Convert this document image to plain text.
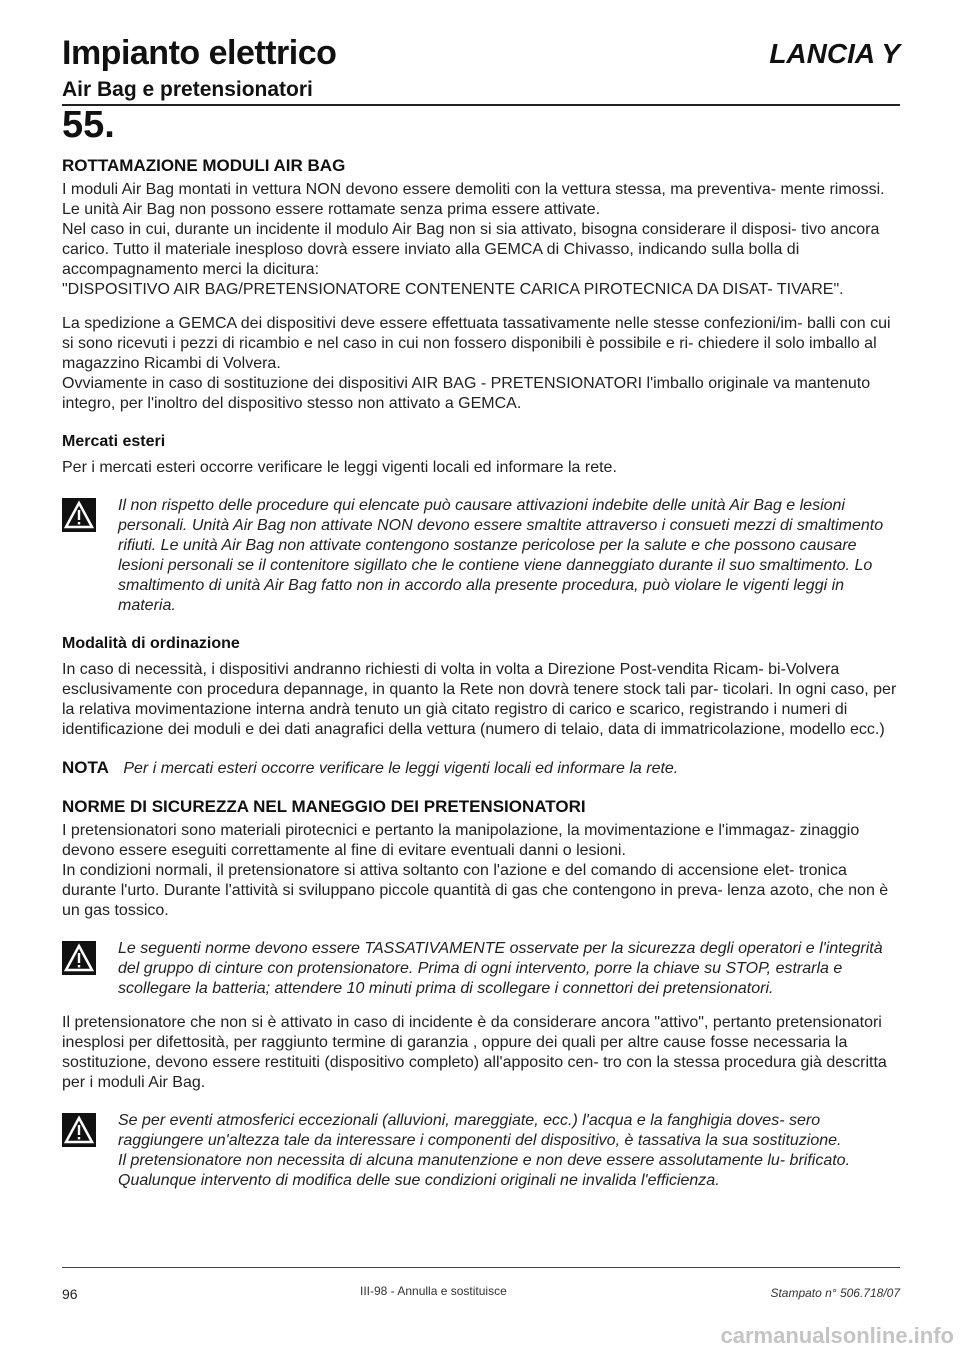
Impianto elettrico	LANCIA Y
Air Bag e pretensionatori
55.
ROTTAMAZIONE MODULI AIR BAG

I moduli Air Bag montati in vettura NON devono essere demoliti con la vettura stessa, ma preventiva- mente rimossi.

Le unità Air Bag non possono essere rottamate senza prima essere attivate.

Nel caso in cui, durante un incidente il modulo Air Bag non si sia attivato, bisogna considerare il disposi- tivo ancora carico. Tutto il materiale inesploso dovrà essere inviato alla GEMCA di Chivasso, indicando sulla bolla di accompagnamento merci la dicitura:

"DISPOSITIVO AIR BAG/PRETENSIONATORE CONTENENTE CARICA PIROTECNICA DA DISAT- TIVARE".

La spedizione a GEMCA dei dispositivi deve essere effettuata tassativamente nelle stesse confezioni/im- balli con cui si sono ricevuti i pezzi di ricambio e nel caso in cui non fossero disponibili è possibile e ri- chiedere il solo imballo al magazzino Ricambi di Volvera.

Ovviamente in caso di sostituzione dei dispositivi AIR BAG - PRETENSIONATORI l'imballo originale va mantenuto integro, per l'inoltro del dispositivo stesso non attivato a GEMCA.

Mercati esteri

Per i mercati esteri occorre verificare le leggi vigenti locali ed informare la rete.

Il non rispetto delle procedure qui elencate può causare attivazioni indebite delle unità Air Bag e lesioni personali. Unità Air Bag non attivate NON devono essere smaltite attraverso i consueti mezzi di smaltimento rifiuti. Le unità Air Bag non attivate contengono sostanze pericolose per la salute e che possono causare lesioni personali se il contenitore sigillato che le contiene viene danneggiato durante il suo smaltimento. Lo smaltimento di unità Air Bag fatto non in accordo alla presente procedura, può violare le vigenti leggi in materia.
Modalità di ordinazione

In caso di necessità, i dispositivi andranno richiesti di volta in volta a Direzione Post-vendita Ricam- bi-Volvera esclusivamente con procedura depannage, in quanto la Rete non dovrà tenere stock tali par- ticolari. In ogni caso, per la relativa movimentazione interna andrà tenuto un già citato registro di carico e scarico, registrando i numeri di identificazione dei moduli e dei dati anagrafici della vettura (numero di telaio, data di immatricolazione, modello ecc.)

NOTA Per i mercati esteri occorre verificare le leggi vigenti locali ed informare la rete.

NORME DI SICUREZZA NEL MANEGGIO DEI PRETENSIONATORI

I pretensionatori sono materiali pirotecnici e pertanto la manipolazione, la movimentazione e l'immagaz- zinaggio devono essere eseguiti correttamente al fine di evitare eventuali danni o lesioni.

In condizioni normali, il pretensionatore si attiva soltanto con l'azione e del comando di accensione elet- tronica durante l'urto. Durante l'attività si sviluppano piccole quantità di gas che contengono in preva- lenza azoto, che non è un gas tossico.

Le seguenti norme devono essere TASSATIVAMENTE osservate per la sicurezza degli operatori e l'integrità del gruppo di cinture con protensionatore. Prima di ogni intervento, porre la chiave su STOP, estrarla e scollegare la batteria; attendere 10 minuti prima di scollegare i connettori dei pretensionatori.

Il pretensionatore che non si è attivato in caso di incidente è da considerare ancora "attivo", pertanto pretensionatori inesplosi per difettosità, per raggiunto termine di garanzia , oppure dei quali per altre cause fosse necessaria la sostituzione, devono essere restituiti (dispositivo completo) all'apposito cen- tro con la stessa procedura già descritta per i moduli Air Bag.

Se per eventi atmosferici eccezionali (alluvioni, mareggiate, ecc.) l'acqua e la fanghigia doves- sero raggiungere un'altezza tale da interessare i componenti del dispositivo, è tassativa la sua sostituzione.
Il pretensionatore non necessita di alcuna manutenzione e non deve essere assolutamente lu- brificato. Qualunque intervento di modifica delle sue condizioni originali ne invalida l'efficienza.
96	III-98 - Annulla e sostituisce	Stampato n° 506.718/07
carmanualsonline.info
